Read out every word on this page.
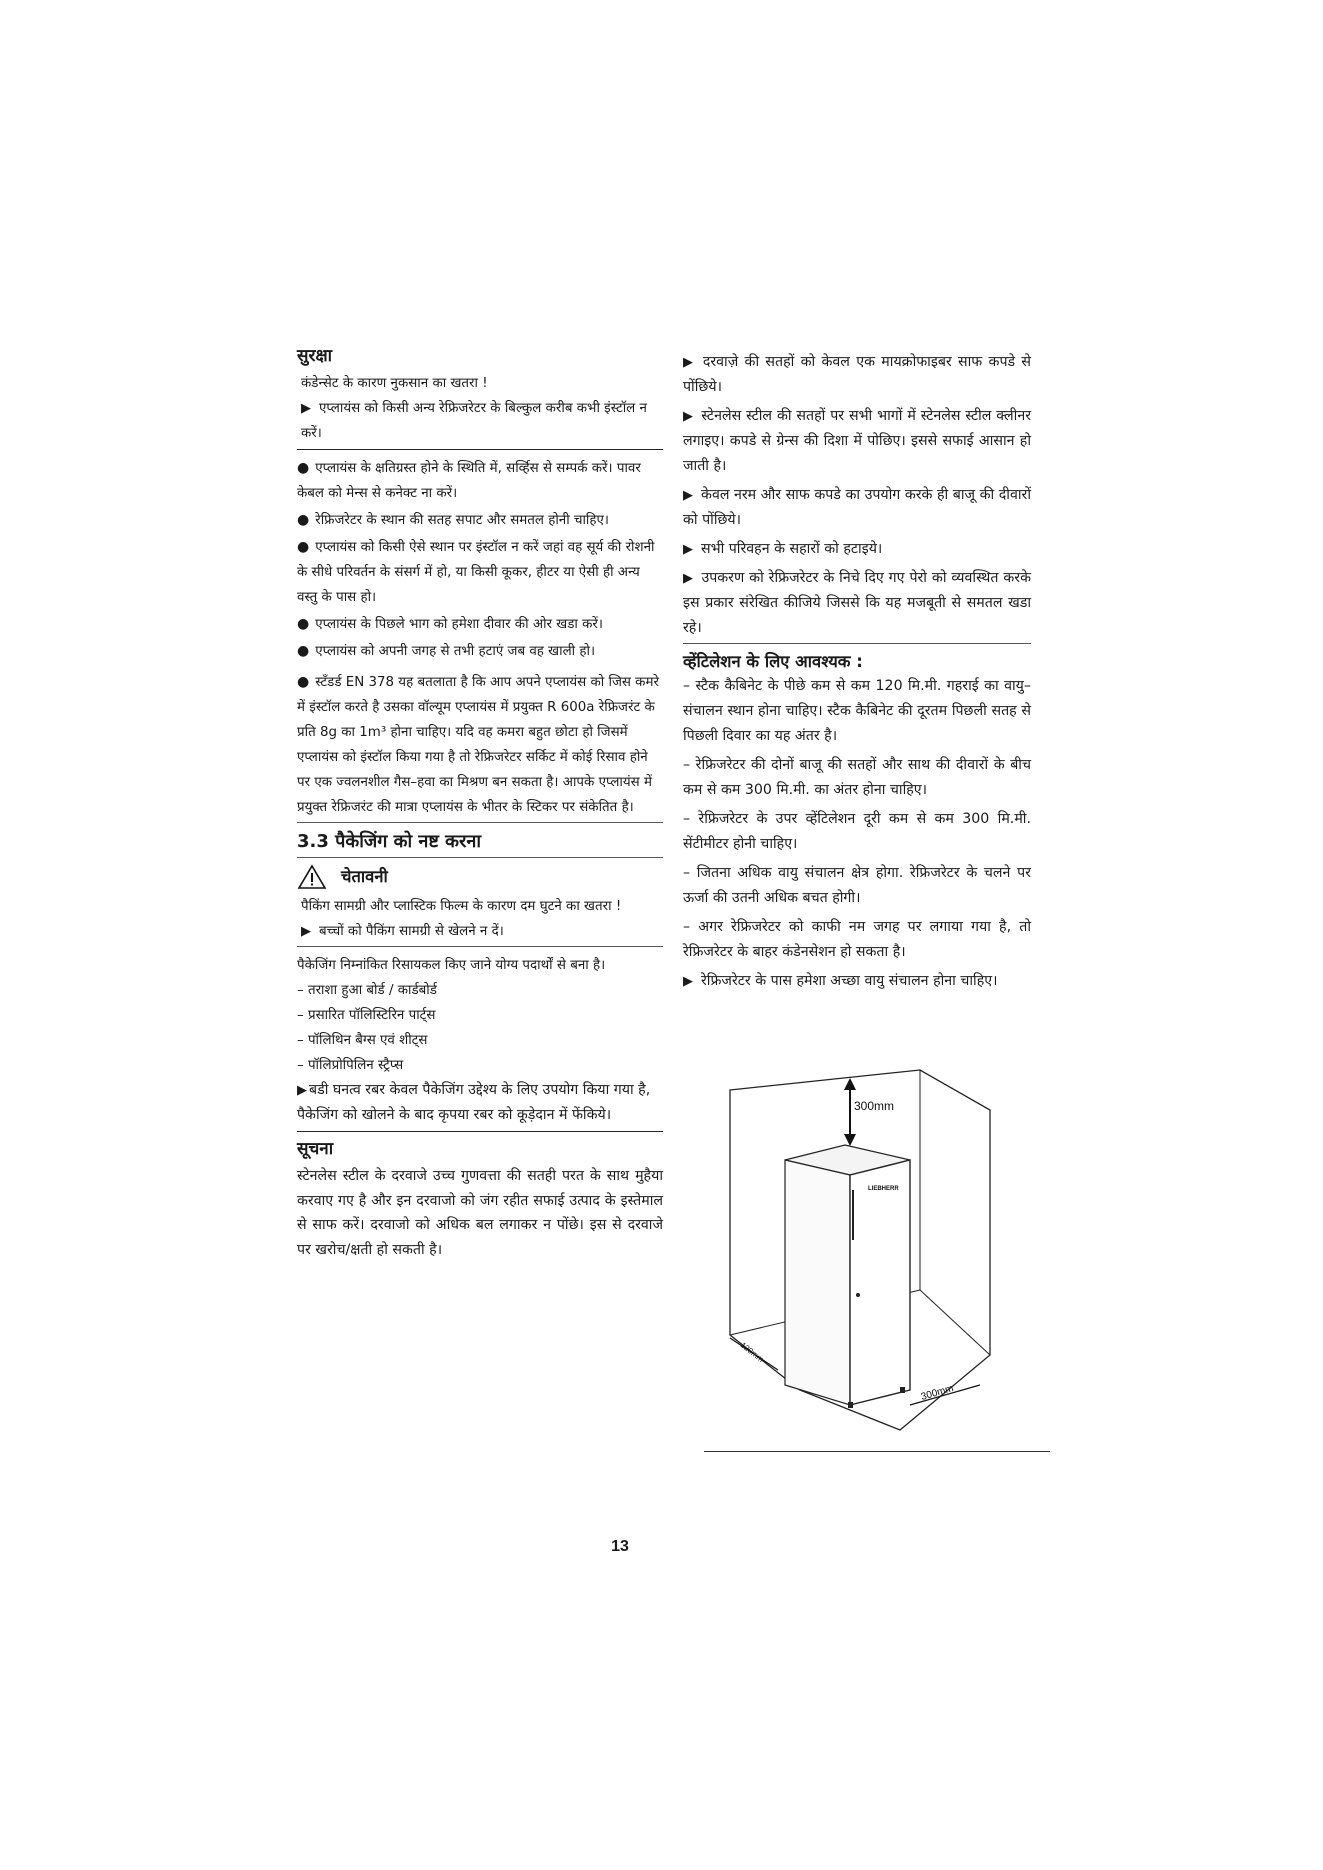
सुरक्षा
कंडेन्सेट के कारण नुकसान का खतरा !
▶ एप्लायंस को किसी अन्य रेफ्रिजरेटर के बिल्कुल करीब कभी इंस्टॉल न करें।
● एप्लायंस के क्षतिग्रस्त होने के स्थिति में, सर्व्हिस से सम्पर्क करें। पावर केबल को मेन्स से कनेक्ट ना करें।
● रेफ्रिजरेटर के स्थान की सतह सपाट और समतल होनी चाहिए।
● एप्लायंस को किसी ऐसे स्थान पर इंस्टॉल न करें जहां वह सूर्य की रोशनी के सीधे परिवर्तन के संसर्ग में हो, या किसी कूकर, हीटर या ऐसी ही अन्य वस्तु के पास हो।
● एप्लायंस के पिछले भाग को हमेशा दीवार की ओर खडा करें।
● एप्लायंस को अपनी जगह से तभी हटाएं जब वह खाली हो।
● स्टँडर्ड EN 378 यह बतलाता है कि आप अपने एप्लायंस को जिस कमरे में इंस्टॉल करते है उसका वॉल्यूम एप्लायंस में प्रयुक्त R 600a रेफ्रिजरंट के प्रति 8g का 1m³ होना चाहिए। यदि वह कमरा बहुत छोटा हो जिसमें एप्लायंस को इंस्टॉल किया गया है तो रेफ्रिजरेटर सर्किट में कोई रिसाव होने पर एक ज्वलनशील गैस–हवा का मिश्रण बन सकता है। आपके एप्लायंस में प्रयुक्त रेफ्रिजरंट की मात्रा एप्लायंस के भीतर के स्टिकर पर संकेतित है।
3.3 पैकेजिंग को नष्ट करना
चेतावनी
पैकिंग सामग्री और प्लास्टिक फिल्म के कारण दम घुटने का खतरा !
▶ बच्चों को पैकिंग सामग्री से खेलने न दें।
पैकेजिंग निम्नांकित रिसायकल किए जाने योग्य पदार्थों से बना है।
– तराशा हुआ बोर्ड / कार्डबोर्ड
– प्रसारित पॉलिस्टिरिन पार्ट्स
– पॉलिथिन बैग्स एवं शीट्स
– पॉलिप्रोपिलिन स्ट्रैप्स
▶ बडी घनत्व रबर केवल पैकेजिंग उद्देश्य के लिए उपयोग किया गया है, पैकेजिंग को खोलने के बाद कृपया रबर को कूड़ेदान में फेंकिये।
सूचना
स्टेनलेस स्टील के दरवाजे उच्च गुणवत्ता की सतही परत के साथ मुहैया करवाए गए है और इन दरवाजो को जंग रहीत सफाई उत्पाद के इस्तेमाल से साफ करें। दरवाजो को अधिक बल लगाकर न पोंछे। इस से दरवाजे पर खरोच/क्षती हो सकती है।
▶ दरवाज़े की सतहों को केवल एक मायक्रोफाइबर साफ कपडे से पोंछिये।
▶ स्टेनलेस स्टील की सतहों पर सभी भागों में स्टेनलेस स्टील क्लीनर लगाइए। कपडे से ग्रेन्स की दिशा में पोछिए। इससे सफाई आसान हो जाती है।
▶ केवल नरम और साफ कपडे का उपयोग करके ही बाजू की दीवारों को पोंछिये।
▶ सभी परिवहन के सहारों को हटाइये।
▶ उपकरण को रेफ्रिजरेटर के निचे दिए गए पेरो को व्यवस्थित करके इस प्रकार संरेखित कीजिये जिससे कि यह मजबूती से समतल खडा रहे।
व्हेंटिलेशन के लिए आवश्यक :
– स्टैक कैबिनेट के पीछे कम से कम 120 मि.मी. गहराई का वायु–संचालन स्थान होना चाहिए। स्टैक कैबिनेट की दूरतम पिछली सतह से पिछली दिवार का यह अंतर है।
– रेफ्रिजरेटर की दोनों बाजू की सतहों और साथ की दीवारों के बीच कम से कम 300 मि.मी. का अंतर होना चाहिए।
– रेफ्रिजरेटर के उपर व्हेंटिलेशन दूरी कम से कम 300 मि.मी. सेंटीमीटर होनी चाहिए।
– जितना अधिक वायु संचालन क्षेत्र होगा. रेफ्रिजरेटर के चलने पर ऊर्जा की उतनी अधिक बचत होगी।
– अगर रेफ्रिजरेटर को काफी नम जगह पर लगाया गया है, तो रेफ्रिजरेटर के बाहर कंडेनसेशन हो सकता है।
▶ रेफ्रिजरेटर के पास हमेशा अच्छा वायु संचालन होना चाहिए।
300mm
LIEBHERR
120mm
300mm
13
